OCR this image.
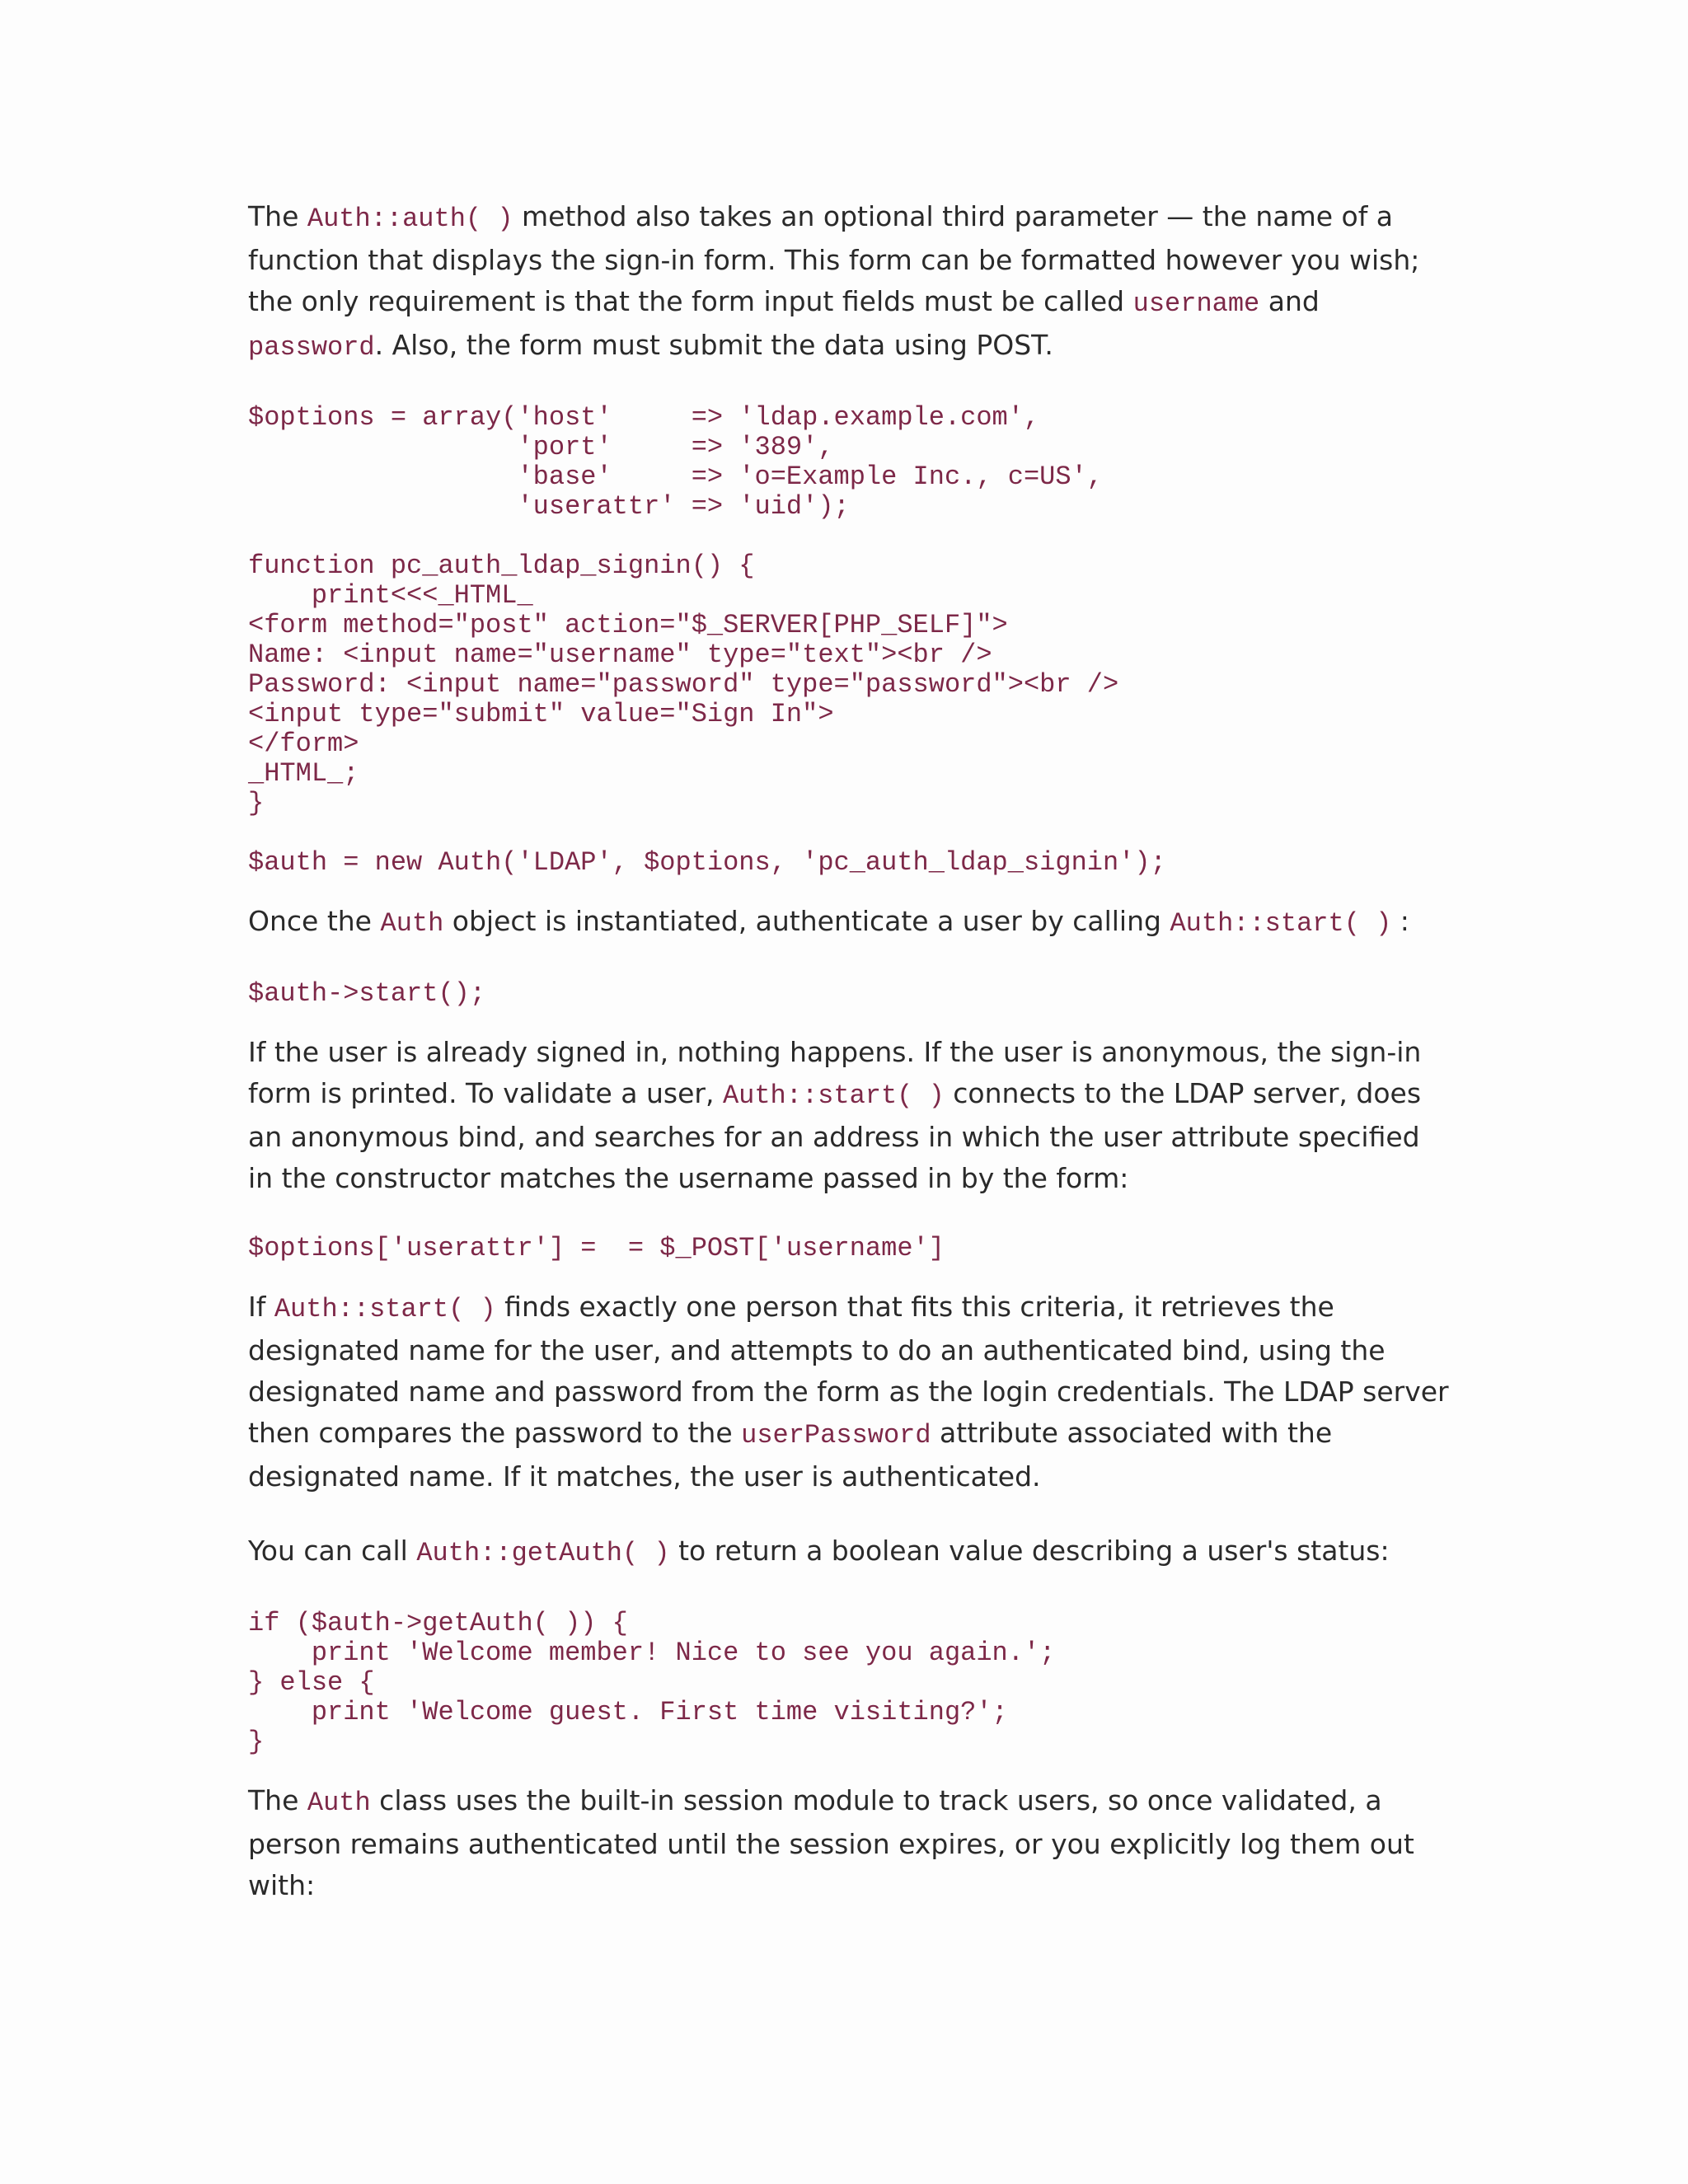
The Auth::auth( ) method also takes an optional third parameter — the name of a function that displays the sign-in form. This form can be formatted however you wish; the only requirement is that the form input fields must be called username and password. Also, the form must submit the data using POST.

$options = array('host'     => 'ldap.example.com',
'port'     => '389',
'base'     => 'o=Example Inc., c=US',
'userattr' => 'uid');
function pc_auth_ldap_signin() {
print<<<_HTML_
<form method="post" action="$_SERVER[PHP_SELF]">
Name: <input name="username" type="text"><br />
Password: <input name="password" type="password"><br />
<input type="submit" value="Sign In">
</form>
_HTML_;
}
$auth = new Auth('LDAP', $options, 'pc_auth_ldap_signin');

Once the Auth object is instantiated, authenticate a user by calling Auth::start( ) :

$auth->start();

If the user is already signed in, nothing happens. If the user is anonymous, the sign-in form is printed. To validate a user, Auth::start( ) connects to the LDAP server, does an anonymous bind, and searches for an address in which the user attribute specified in the constructor matches the username passed in by the form:

$options['userattr'] =  = $_POST['username']

If Auth::start( ) finds exactly one person that fits this criteria, it retrieves the designated name for the user, and attempts to do an authenticated bind, using the designated name and password from the form as the login credentials. The LDAP server then compares the password to the userPassword attribute associated with the designated name. If it matches, the user is authenticated.

You can call Auth::getAuth( ) to return a boolean value describing a user's status:

if ($auth->getAuth( )) {
print 'Welcome member! Nice to see you again.';
} else {
print 'Welcome guest. First time visiting?';
}

The Auth class uses the built-in session module to track users, so once validated, a person remains authenticated until the session expires, or you explicitly log them out with:
